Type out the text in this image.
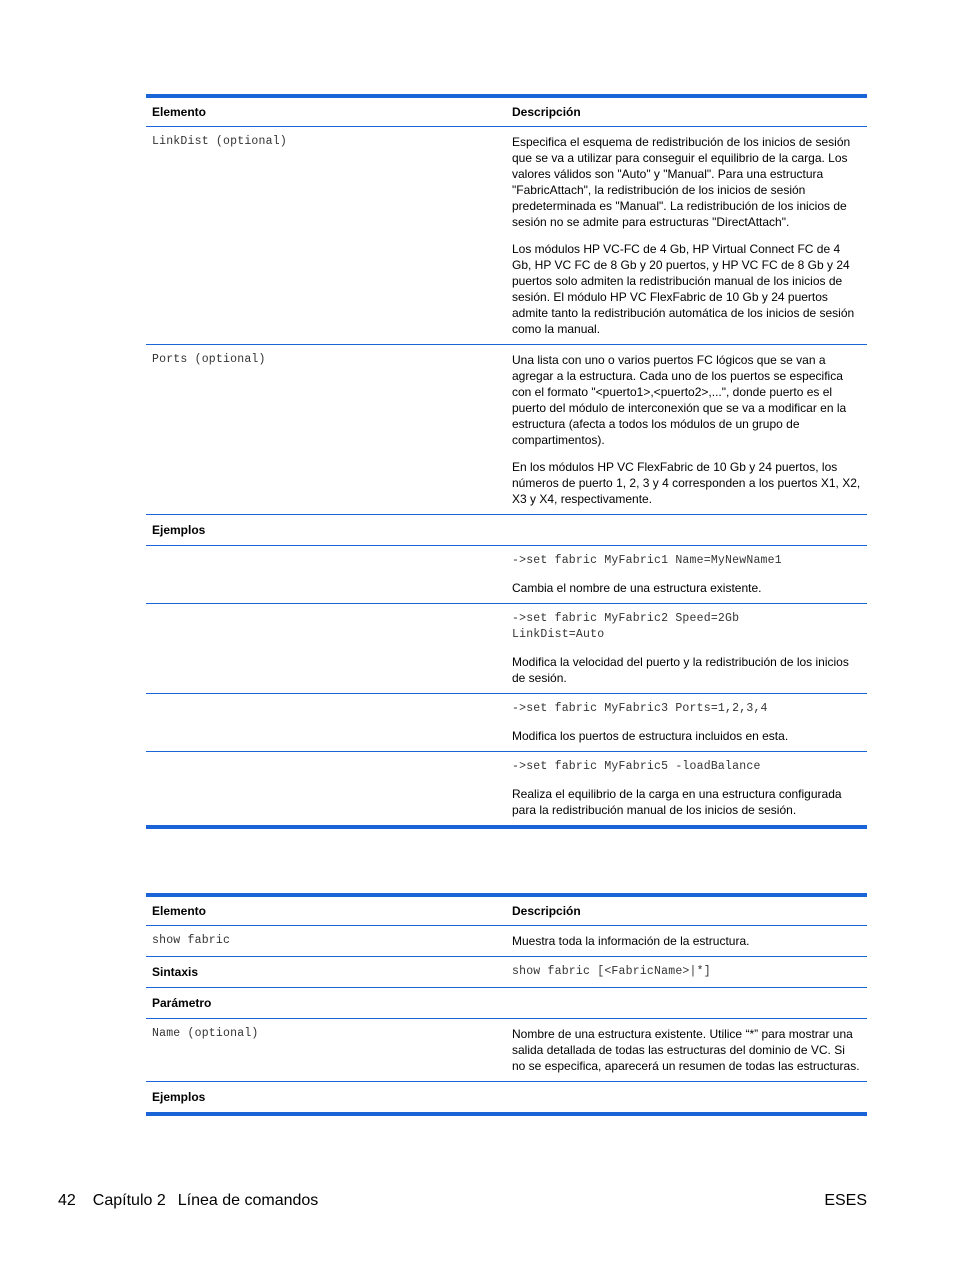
Elemento	Descripción
LinkDist (optional)	Especifica el esquema de redistribución de los inicios de sesión que se va a utilizar para conseguir el equilibrio de la carga. Los valores válidos son "Auto" y "Manual". Para una estructura "FabricAttach", la redistribución de los inicios de sesión predeterminada es "Manual". La redistribución de los inicios de sesión no se admite para estructuras "DirectAttach".

Los módulos HP VC-FC de 4 Gb, HP Virtual Connect FC de 4 Gb, HP VC FC de 8 Gb y 20 puertos, y HP VC FC de 8 Gb y 24 puertos solo admiten la redistribución manual de los inicios de sesión. El módulo HP VC FlexFabric de 10 Gb y 24 puertos admite tanto la redistribución automática de los inicios de sesión como la manual.

Ports (optional)	Una lista con uno o varios puertos FC lógicos que se van a agregar a la estructura. Cada uno de los puertos se especifica con el formato "<puerto1>,<puerto2>,...", donde puerto es el puerto del módulo de interconexión que se va a modificar en la estructura (afecta a todos los módulos de un grupo de compartimentos).

En los módulos HP VC FlexFabric de 10 Gb y 24 puertos, los números de puerto 1, 2, 3 y 4 corresponden a los puertos X1, X2, X3 y X4, respectivamente.

Ejemplos	

	->set fabric MyFabric1 Name=MyNewName1

Cambia el nombre de una estructura existente.

	->set fabric MyFabric2 Speed=2Gb LinkDist=Auto

Modifica la velocidad del puerto y la redistribución de los inicios de sesión.

	->set fabric MyFabric3 Ports=1,2,3,4

Modifica los puertos de estructura incluidos en esta.

	->set fabric MyFabric5 -loadBalance

Realiza el equilibrio de la carga en una estructura configurada para la redistribución manual de los inicios de sesión.

Elemento	Descripción
show fabric	Muestra toda la información de la estructura.
Sintaxis	show fabric [<FabricName>|*]
Parámetro	
Name (optional)	Nombre de una estructura existente. Utilice “*” para mostrar una salida detallada de todas las estructuras del dominio de VC. Si no se especifica, aparecerá un resumen de todas las estructuras.
Ejemplos	
42 Capítulo 2 Línea de comandos	ESES
